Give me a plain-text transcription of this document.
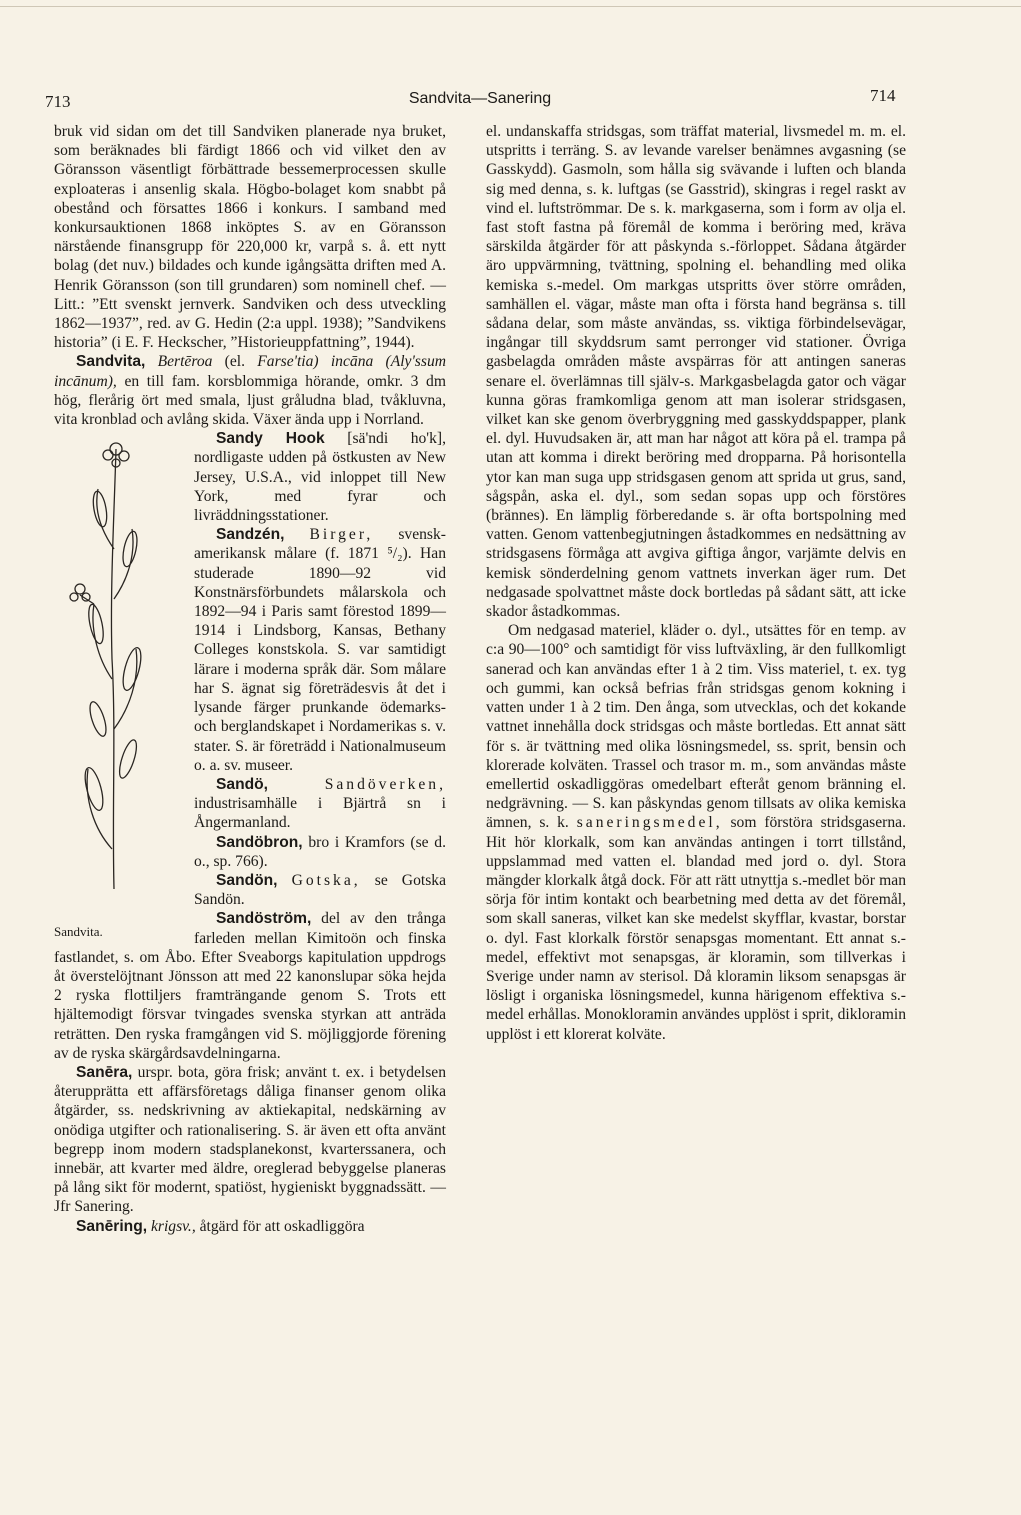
713	Sandvita—Sanering	714

bruk vid sidan om det till Sandviken planerade nya bruket, som beräknades bli färdigt 1866 och vid vilket den av Göransson väsentligt förbättrade bessemerprocessen skulle exploateras i ansenlig skala. Högbo-bolaget kom snabbt på obestånd och försattes 1866 i konkurs. I samband med konkursauktionen 1868 inköptes S. av en Göransson närstående finansgrupp för 220,000 kr, varpå s. å. ett nytt bolag (det nuv.) bildades och kunde igångsätta driften med A. Henrik Göransson (son till grundaren) som nominell chef. — Litt.: ”Ett svenskt jernverk. Sandviken och dess utveckling 1862—1937”, red. av G. Hedin (2:a uppl. 1938); ”Sandvikens historia” (i E. F. Heckscher, ”Historieuppfattning”, 1944).

Sandvita, Bertēroa (el. Farse'tia) incāna (Aly'ssum incānum), en till fam. korsblommiga hörande, omkr. 3 dm hög, flerårig ört med smala, ljust gråludna blad, tvåkluvna, vita kronblad och avlång skida. Växer ända upp i Norrland.

Sandvita.

Sandy Hook [sä'ndi ho'k], nordligaste udden på östkusten av New Jersey, U.S.A., vid inloppet till New York, med fyrar och livräddningsstationer.

Sandzén, Birger, svensk-amerikansk målare (f. 1871 ⁵/₂). Han studerade 1890—92 vid Konstnärsförbundets målarskola och 1892—94 i Paris samt förestod 1899—1914 i Lindsborg, Kansas, Bethany Colleges konstskola. S. var samtidigt lärare i moderna språk där. Som målare har S. ägnat sig företrädesvis åt det i lysande färger prunkande ödemarks- och berglandskapet i Nordamerikas s. v. stater. S. är företrädd i Nationalmuseum o. a. sv. museer.

Sandö,	Sandöverken, industrisamhälle i Bjärtrå sn i Ångermanland.

Sandöbron, bro i Kramfors (se d. o., sp. 766).

Sandön, Gotska, se Gotska Sandön.

Sandöström, del av den trånga farleden mellan Kimitoön och finska fastlandet, s. om Åbo. Efter Sveaborgs kapitulation uppdrogs åt överstelöjtnant Jönsson att med 22 kanonslupar söka hejda 2 ryska flottiljers framträngande genom S. Trots ett hjältemodigt försvar tvingades svenska styrkan att anträda reträtten. Den ryska framgången vid S. möjliggjorde förening av de ryska skärgårdsavdelningarna.

Sanēra, urspr. bota, göra frisk; använt t. ex. i betydelsen återupprätta ett affärsföretags dåliga finanser genom olika åtgärder, ss. nedskrivning av aktiekapital, nedskärning av onödiga utgifter och rationalisering. S. är även ett ofta använt begrepp inom modern stadsplanekonst, kvarterssanera, och innebär, att kvarter med äldre, oreglerad bebyggelse planeras på lång sikt för modernt, spatiöst, hygieniskt byggnadssätt. — Jfr Sanering.

Sanēring, krigsv., åtgärd för att oskadliggöra

el. undanskaffa stridsgas, som träffat material, livsmedel m. m. el. utspritts i terräng. S. av levande varelser benämnes avgasning (se Gasskydd). Gasmoln, som hålla sig svävande i luften och blanda sig med denna, s. k. luftgas (se Gasstrid), skingras i regel raskt av vind el. luftströmmar. De s. k. markgaserna, som i form av olja el. fast stoft fastna på föremål de komma i beröring med, kräva särskilda åtgärder för att påskynda s.-förloppet. Sådana åtgärder äro uppvärmning, tvättning, spolning el. behandling med olika kemiska s.-medel. Om markgas utspritts över större områden, samhällen el. vägar, måste man ofta i första hand begränsa s. till sådana delar, som måste användas, ss. viktiga förbindelsevägar, ingångar till skyddsrum samt perronger vid stationer. Övriga gasbelagda områden måste avspärras för att antingen saneras senare el. överlämnas till själv-s. Markgasbelagda gator och vägar kunna göras framkomliga genom att man isolerar stridsgasen, vilket kan ske genom överbryggning med gasskyddspapper, plank el. dyl. Huvudsaken är, att man har något att köra på el. trampa på utan att komma i direkt beröring med dropparna. På horisontella ytor kan man suga upp stridsgasen genom att sprida ut grus, sand, sågspån, aska el. dyl., som sedan sopas upp och förstöres (brännes). En lämplig förberedande s. är ofta bortspolning med vatten. Genom vattenbegjutningen åstadkommes en nedsättning av stridsgasens förmåga att avgiva giftiga ångor, varjämte delvis en kemisk sönderdelning genom vattnets inverkan äger rum. Det nedgasade spolvattnet måste dock bortledas på sådant sätt, att icke skador åstadkommas.

Om nedgasad materiel, kläder o. dyl., utsättes för en temp. av c:a 90—100° och samtidigt för viss luftväxling, är den fullkomligt sanerad och kan användas efter 1 à 2 tim. Viss materiel, t. ex. tyg och gummi, kan också befrias från stridsgas genom kokning i vatten under 1 à 2 tim. Den ånga, som utvecklas, och det kokande vattnet innehålla dock stridsgas och måste bortledas. Ett annat sätt för s. är tvättning med olika lösningsmedel, ss. sprit, bensin och klorerade kolväten. Trassel och trasor m. m., som användas måste emellertid oskadliggöras omedelbart efteråt genom bränning el. nedgrävning. — S. kan påskyndas genom tillsats av olika kemiska ämnen, s. k. saneringsmedel, som förstöra stridsgaserna. Hit hör klorkalk, som kan användas antingen i torrt tillstånd, uppslammad med vatten el. blandad med jord o. dyl. Stora mängder klorkalk åtgå dock. För att rätt utnyttja s.-medlet bör man sörja för intim kontakt och bearbetning med detta av det föremål, som skall saneras, vilket kan ske medelst skyfflar, kvastar, borstar o. dyl. Fast klorkalk förstör senapsgas momentant. Ett annat s.-medel, effektivt mot senapsgas, är kloramin, som tillverkas i Sverige under namn av sterisol. Då kloramin liksom senapsgas är lösligt i organiska lösningsmedel, kunna härigenom effektiva s.-medel erhållas. Monokloramin användes upplöst i sprit, dikloramin upplöst i ett klorerat kolväte.
